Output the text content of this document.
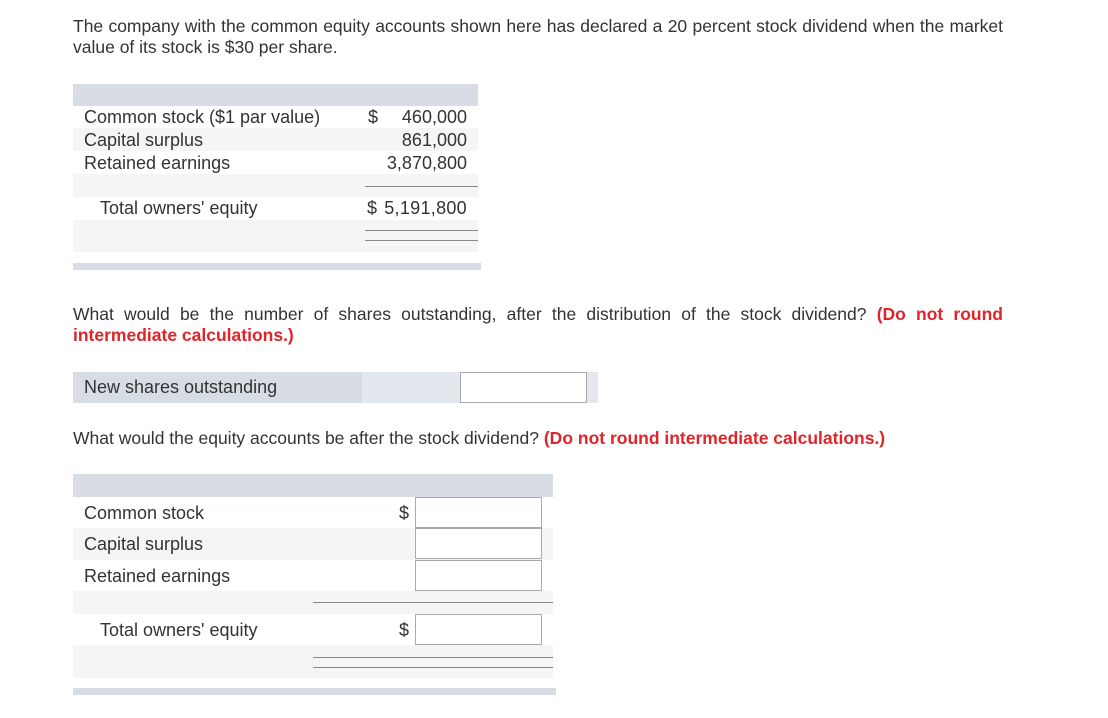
The company with the common equity accounts shown here has declared a 20 percent stock dividend when the market value of its stock is $30 per share.

Common stock ($1 par value)
Capital surplus
Retained earnings
$ 460,000
861,000
3,870,800
Total owners' equity	$ 5,191,800

What would be the number of shares outstanding, after the distribution of the stock dividend? (Do not round intermediate calculations.)

New shares outstanding

What would the equity accounts be after the stock dividend? (Do not round intermediate calculations.)

Common stock
Capital surplus
Retained earnings
$
Total owners' equity	$
